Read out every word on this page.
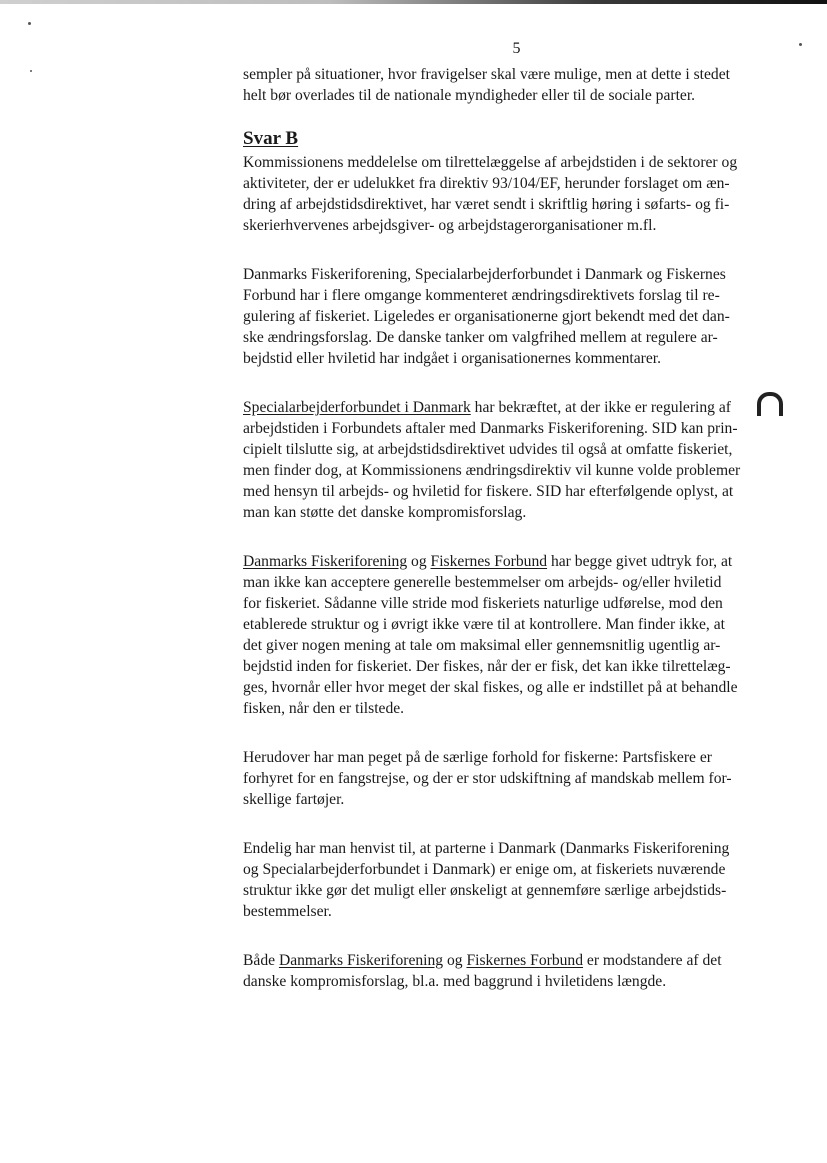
5

sempler på situationer, hvor fravigelser skal være mulige, men at dette i stedet
helt bør overlades til de nationale myndigheder eller til de sociale parter.

Svar B

Kommissionens meddelelse om tilrettelæggelse af arbejdstiden i de sektorer og
aktiviteter, der er udelukket fra direktiv 93/104/EF, herunder forslaget om æn-
dring af arbejdstidsdirektivet, har været sendt i skriftlig høring i søfarts- og fi-
skerierhvervenes arbejdsgiver- og arbejdstagerorganisationer m.fl.

Danmarks Fiskeriforening, Specialarbejderforbundet i Danmark og Fiskernes
Forbund har i flere omgange kommenteret ændringsdirektivets forslag til re-
gulering af fiskeriet. Ligeledes er organisationerne gjort bekendt med det dan-
ske ændringsforslag. De danske tanker om valgfrihed mellem at regulere ar-
bejdstid eller hviletid har indgået i organisationernes kommentarer.

Specialarbejderforbundet i Danmark har bekræftet, at der ikke er regulering af
arbejdstiden i Forbundets aftaler med Danmarks Fiskeriforening. SID kan prin-
cipielt tilslutte sig, at arbejdstidsdirektivet udvides til også at omfatte fiskeriet,
men finder dog, at Kommissionens ændringsdirektiv vil kunne volde problemer
med hensyn til arbejds- og hviletid for fiskere. SID har efterfølgende oplyst, at
man kan støtte det danske kompromisforslag.

Danmarks Fiskeriforening og Fiskernes Forbund har begge givet udtryk for, at
man ikke kan acceptere generelle bestemmelser om arbejds- og/eller hviletid
for fiskeriet. Sådanne ville stride mod fiskeriets naturlige udførelse, mod den
etablerede struktur og i øvrigt ikke være til at kontrollere. Man finder ikke, at
det giver nogen mening at tale om maksimal eller gennemsnitlig ugentlig ar-
bejdstid inden for fiskeriet. Der fiskes, når der er fisk, det kan ikke tilrettelæg-
ges, hvornår eller hvor meget der skal fiskes, og alle er indstillet på at behandle
fisken, når den er tilstede.

Herudover har man peget på de særlige forhold for fiskerne: Partsfiskere er
forhyret for en fangstrejse, og der er stor udskiftning af mandskab mellem for-
skellige fartøjer.

Endelig har man henvist til, at parterne i Danmark (Danmarks Fiskeriforening
og Specialarbejderforbundet i Danmark) er enige om, at fiskeriets nuværende
struktur ikke gør det muligt eller ønskeligt at gennemføre særlige arbejdstids-
bestemmelser.

Både Danmarks Fiskeriforening og Fiskernes Forbund er modstandere af det
danske kompromisforslag, bl.a. med baggrund i hviletidens længde.
